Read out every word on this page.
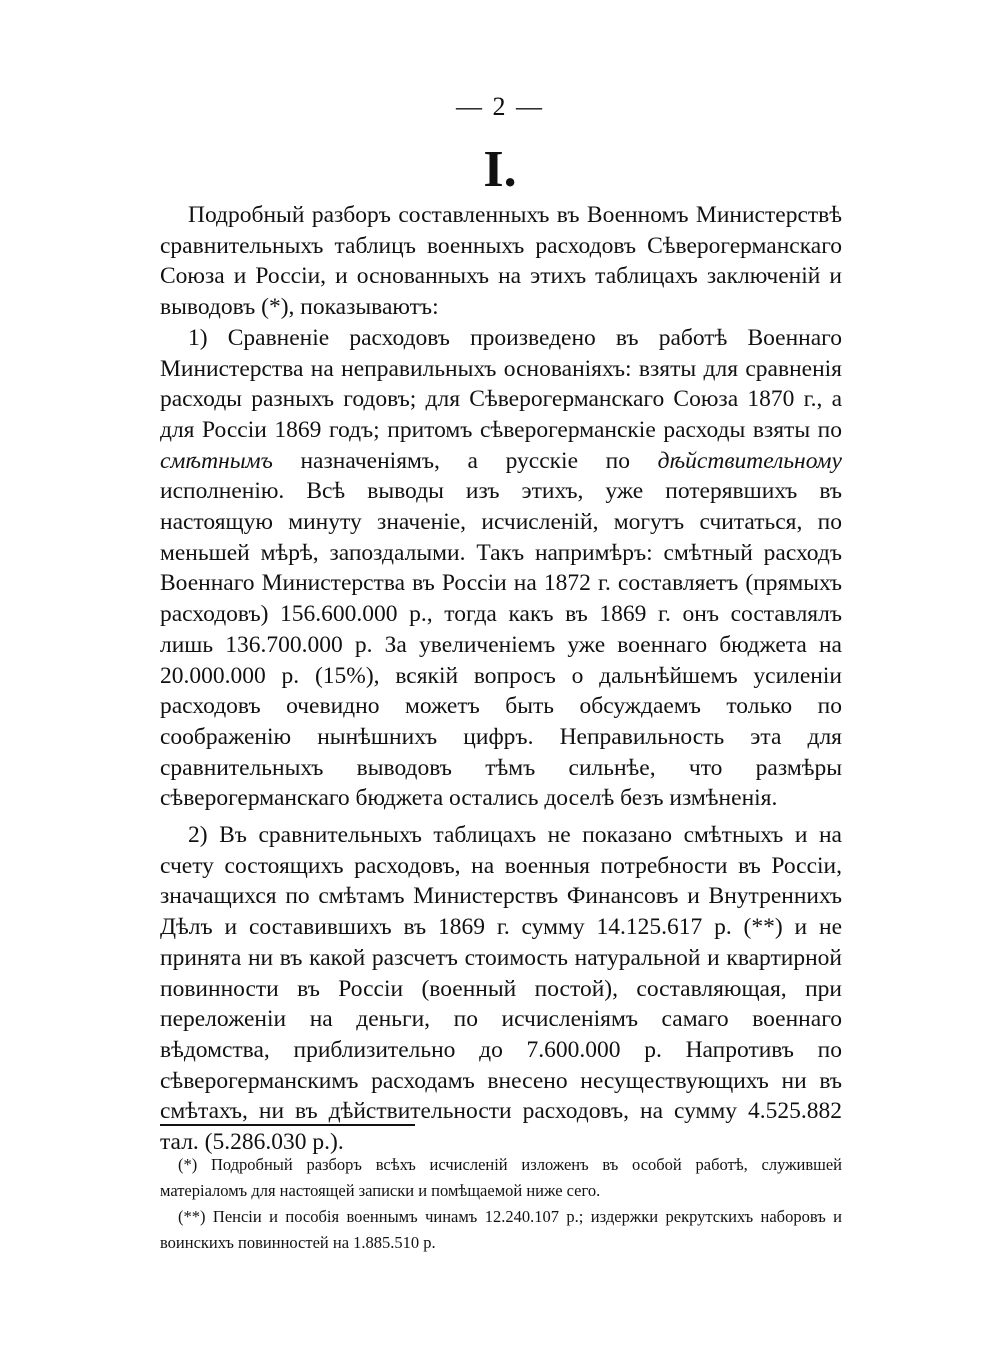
— 2 —
I.

Подробный разборъ составленныхъ въ Военномъ Министерствѣ сравнительныхъ таблицъ военныхъ расходовъ Сѣверогерманскаго Союза и Россіи, и основанныхъ на этихъ таблицахъ заключеній и выводовъ (*), показываютъ:

1) Сравненіе расходовъ произведено въ работѣ Военнаго Министерства на неправильныхъ основаніяхъ: взяты для сравненія расходы разныхъ годовъ; для Сѣверогерманскаго Союза 1870 г., а для Россіи 1869 годъ; притомъ сѣверогерманскіе расходы взяты по смѣтнымъ назначеніямъ, а русскіе по дѣйствительному исполненію. Всѣ выводы изъ этихъ, уже потерявшихъ въ настоящую минуту значеніе, исчисленій, могутъ считаться, по меньшей мѣрѣ, запоздалыми. Такъ напримѣръ: смѣтный расходъ Военнаго Министерства въ Россіи на 1872 г. составляетъ (прямыхъ расходовъ) 156.600.000 р., тогда какъ въ 1869 г. онъ составлялъ лишь 136.700.000 р. За увеличеніемъ уже военнаго бюджета на 20.000.000 р. (15%), всякій вопросъ о дальнѣйшемъ усиленіи расходовъ очевидно можетъ быть обсуждаемъ только по соображенію нынѣшнихъ цифръ. Неправильность эта для сравнительныхъ выводовъ тѣмъ сильнѣе, что размѣры сѣверогерманскаго бюджета остались доселѣ безъ измѣненія.

2) Въ сравнительныхъ таблицахъ не показано смѣтныхъ и на счету состоящихъ расходовъ, на военныя потребности въ Россіи, значащихся по смѣтамъ Министерствъ Финансовъ и Внутреннихъ Дѣлъ и составившихъ въ 1869 г. сумму 14.125.617 р. (**) и не принята ни въ какой разсчетъ стоимость натуральной и квартирной повинности въ Россіи (военный постой), составляющая, при переложеніи на деньги, по исчисленіямъ самаго военнаго вѣдомства, приблизительно до 7.600.000 р. Напротивъ по сѣверогерманскимъ расходамъ внесено несуществующихъ ни въ смѣтахъ, ни въ дѣйствительности расходовъ, на сумму 4.525.882 тал. (5.286.030 р.).

(*) Подробный разборъ всѣхъ исчисленій изложенъ въ особой работѣ, служившей матеріаломъ для настоящей записки и помѣщаемой ниже сего.

(**) Пенсіи и пособія военнымъ чинамъ 12.240.107 р.; издержки рекрутскихъ наборовъ и воинскихъ повинностей на 1.885.510 р.
